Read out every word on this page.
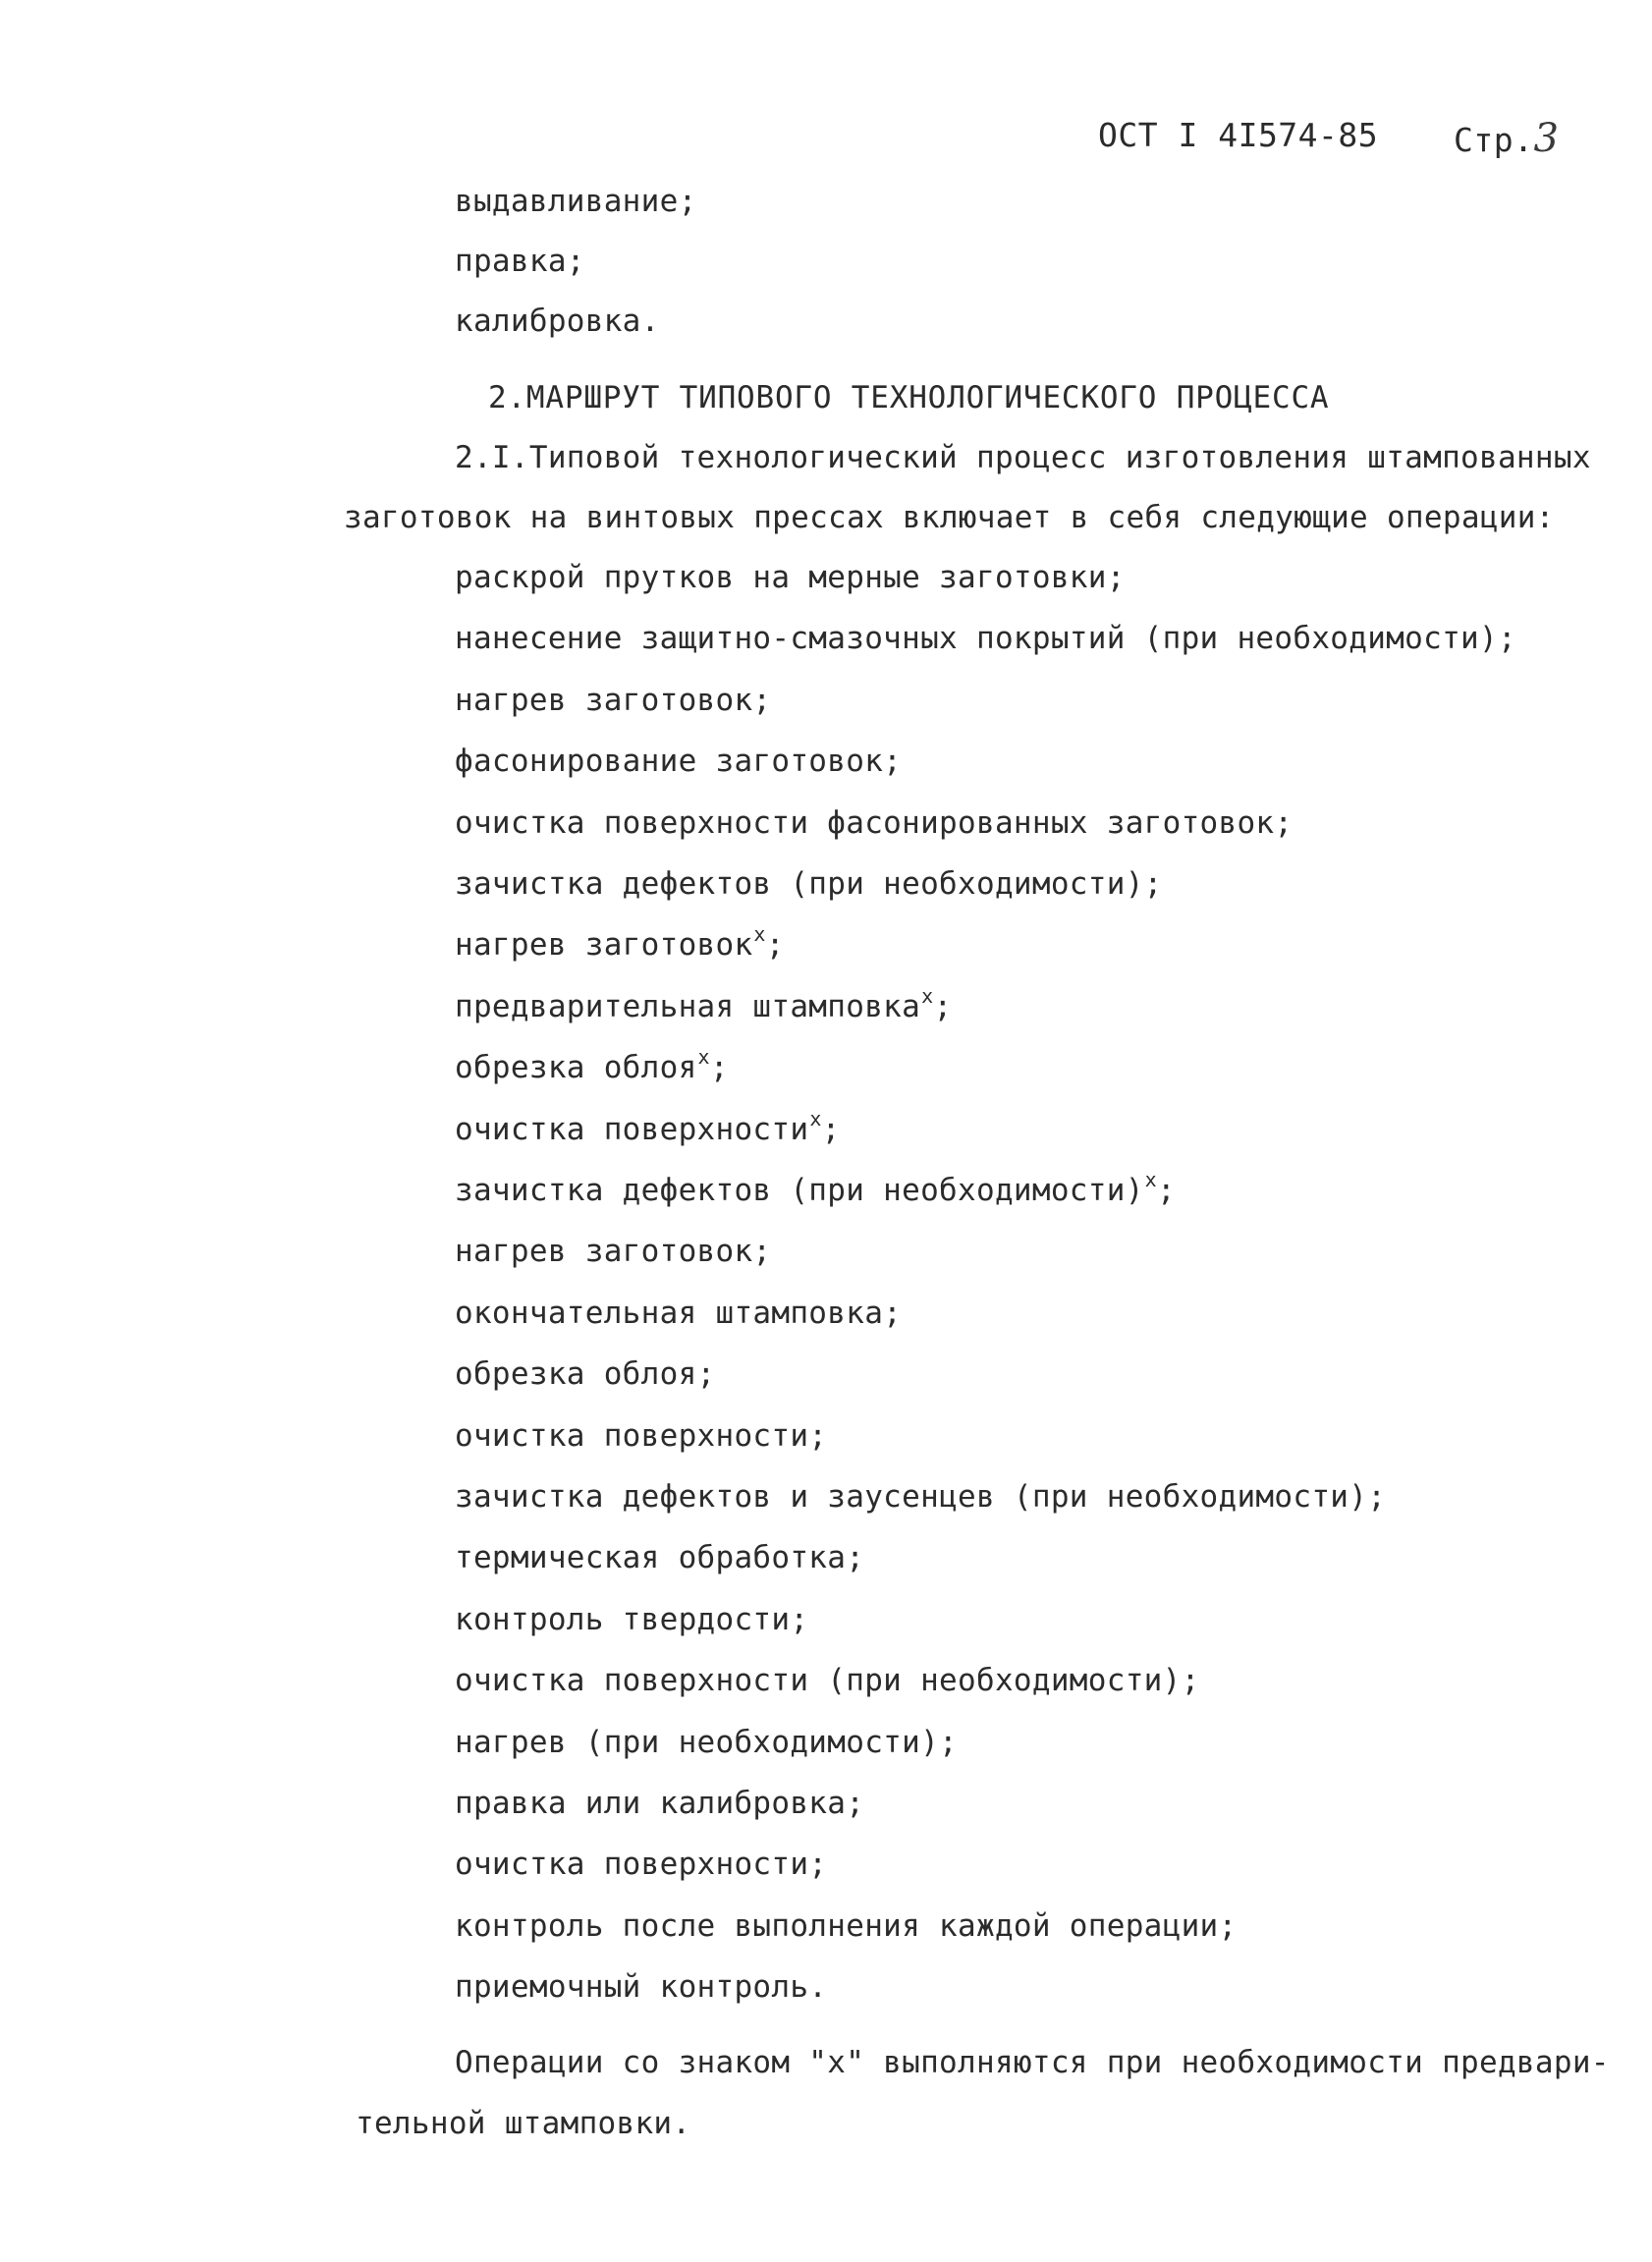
ОСТ I 4I574-85 Стр.3
выдавливание;
правка;
калибровка.
2.МАРШРУТ ТИПОВОГО ТЕХНОЛОГИЧЕСКОГО ПРОЦЕССА
2.I.Типовой технологический процесс изготовления штампованных
заготовок на винтовых прессах включает в себя следующие операции:
раскрой прутков на мерные заготовки;
нанесение защитно-смазочных покрытий (при необходимости);
нагрев заготовок;
фасонирование заготовок;
очистка поверхности фасонированных заготовок;
зачистка дефектов (при необходимости);
нагрев заготовок$^x$;
предварительная штамповка$^x$;
обрезка облоя$^x$;
очистка поверхности$^x$;
зачистка дефектов (при необходимости)$^x$;
нагрев заготовок;
окончательная штамповка;
обрезка облоя;
очистка поверхности;
зачистка дефектов и заусенцев (при необходимости);
термическая обработка;
контроль твердости;
очистка поверхности (при необходимости);
нагрев (при необходимости);
правка или калибровка;
очистка поверхности;
контроль после выполнения каждой операции;
приемочный контроль.
Операции со знаком "х" выполняются при необходимости предвари-
тельной штамповки.
